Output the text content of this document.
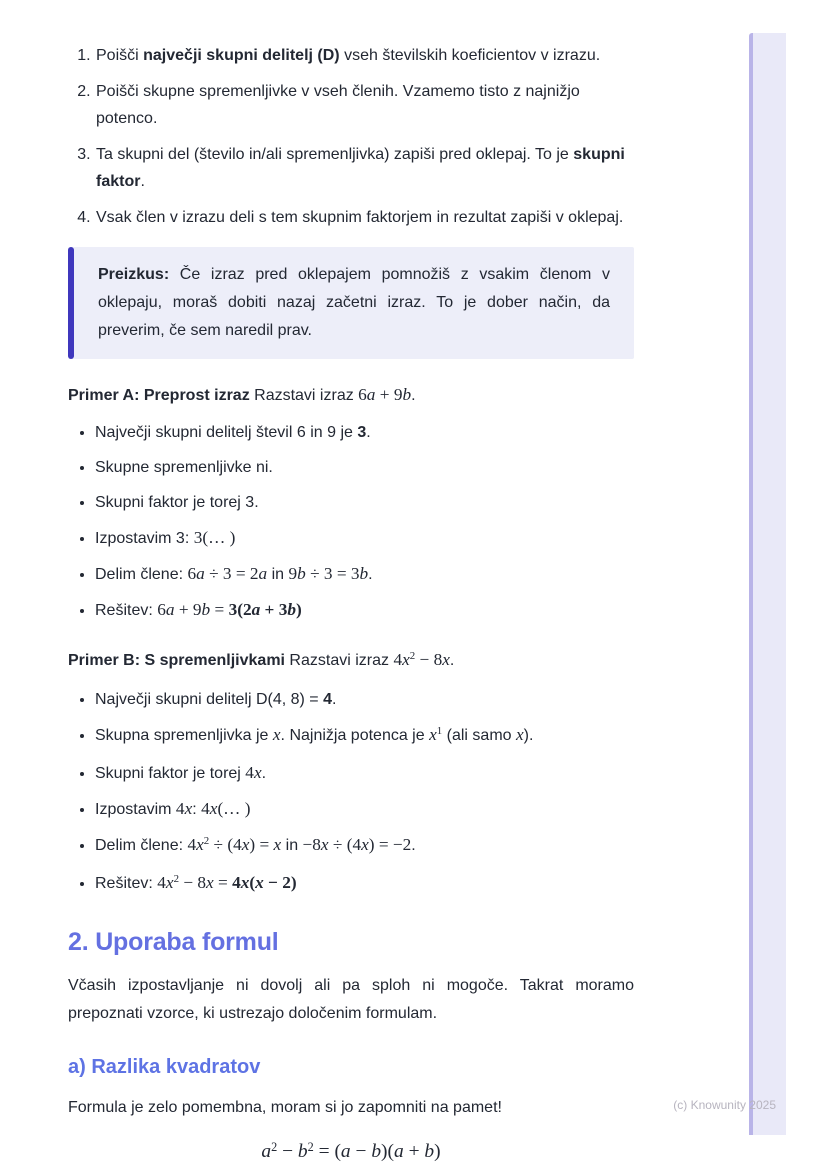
1. Poišči največji skupni delitelj (D) vseh številskih koeficientov v izrazu.
2. Poišči skupne spremenljivke v vseh členih. Vzamemo tisto z najnižjo potenco.
3. Ta skupni del (število in/ali spremenljivka) zapiši pred oklepaj. To je skupni faktor.
4. Vsak člen v izrazu deli s tem skupnim faktorjem in rezultat zapiši v oklepaj.

Preizkus: Če izraz pred oklepajem pomnožiš z vsakim členom v oklepaju, moraš dobiti nazaj začetni izraz. To je dober način, da preverim, če sem naredil prav.

Primer A: Preprost izraz Razstavi izraz 6a + 9b.

• Največji skupni delitelj števil 6 in 9 je 3.
• Skupne spremenljivke ni.
• Skupni faktor je torej 3.
• Izpostavim 3: 3(… )
• Delim člene: 6a ÷ 3 = 2a in 9b ÷ 3 = 3b.
• Rešitev: 6a + 9b = 3(2a + 3b)

Primer B: S spremenljivkami Razstavi izraz $4x^2 - 8x$.

• Največji skupni delitelj D(4, 8) = 4.
• Skupna spremenljivka je x. Najnižja potenca je $x^1$ (ali samo x).
• Skupni faktor je torej 4x.
• Izpostavim 4x: 4x(… )
• Delim člene: $4x^2 \div (4x) = x$ in −8x ÷ (4x) = −2.
• Rešitev: $4x^2 - 8x = 4x(x - 2)$
2. Uporaba formul

Včasih izpostavljanje ni dovolj ali pa sploh ni mogoče. Takrat moramo prepoznati vzorce, ki ustrezajo določenim formulam.

a) Razlika kvadratov

Formula je zelo pomembna, moram si jo zapomniti na pamet!

$a^2 - b^2 = (a - b)(a + b)$
(c) Knowunity 2025
